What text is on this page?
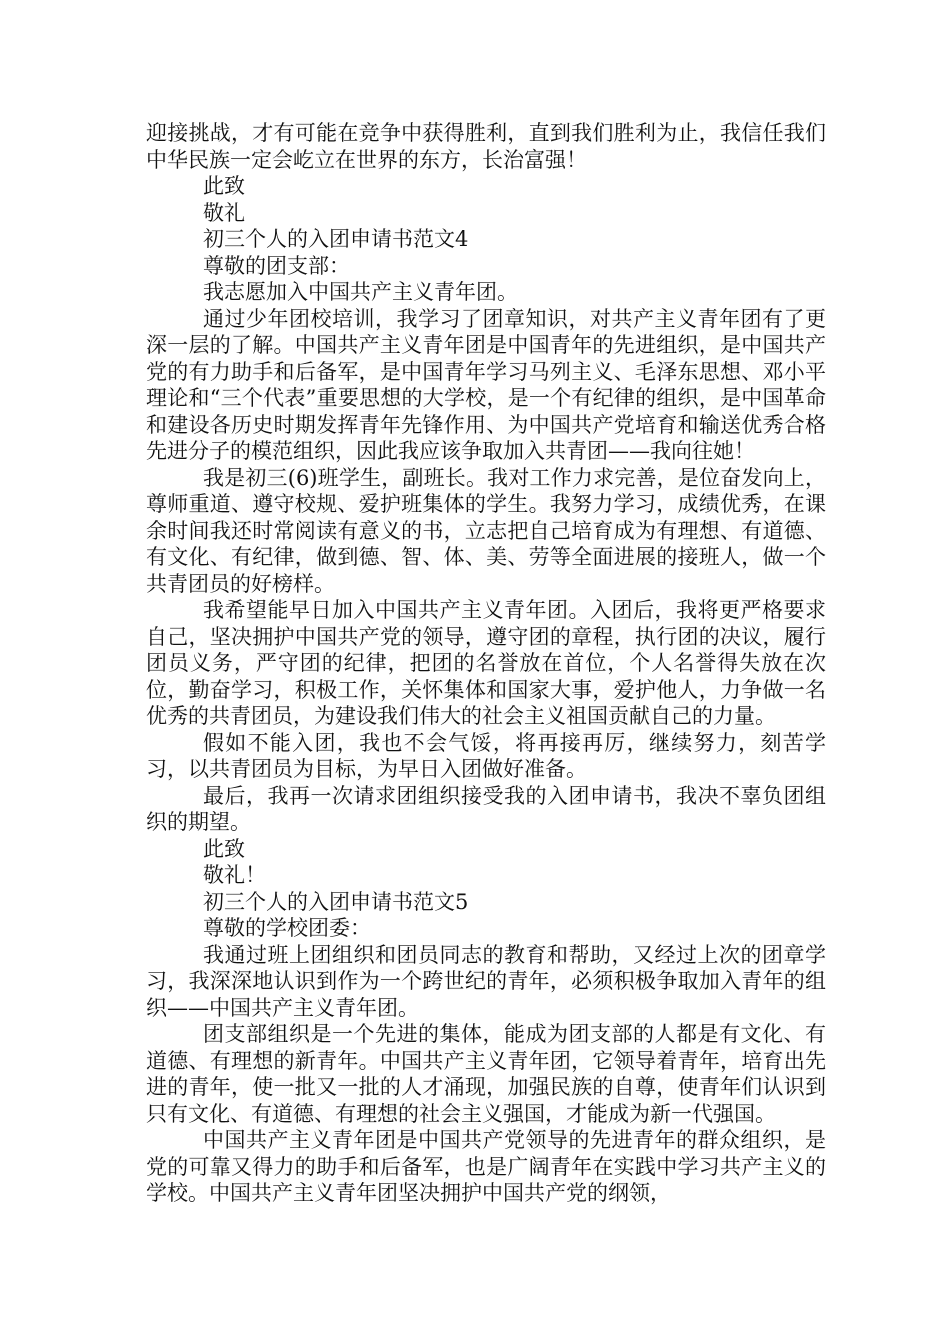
迎接挑战，才有可能在竞争中获得胜利，直到我们胜利为止，我信任我们中华民族一定会屹立在世界的东方，长治富强！

此致

敬礼

初三个人的入团申请书范文4

尊敬的团支部：

我志愿加入中国共产主义青年团。

通过少年团校培训，我学习了团章知识，对共产主义青年团有了更深一层的了解。中国共产主义青年团是中国青年的先进组织，是中国共产党的有力助手和后备军，是中国青年学习马列主义、毛泽东思想、邓小平理论和“三个代表”重要思想的大学校，是一个有纪律的组织，是中国革命和建设各历史时期发挥青年先锋作用、为中国共产党培育和输送优秀合格先进分子的模范组织，因此我应该争取加入共青团——我向往她！

我是初三(6)班学生，副班长。我对工作力求完善，是位奋发向上，尊师重道、遵守校规、爱护班集体的学生。我努力学习，成绩优秀，在课余时间我还时常阅读有意义的书，立志把自己培育成为有理想、有道德、有文化、有纪律，做到德、智、体、美、劳等全面进展的接班人，做一个共青团员的好榜样。

我希望能早日加入中国共产主义青年团。入团后，我将更严格要求自己，坚决拥护中国共产党的领导，遵守团的章程，执行团的决议，履行团员义务，严守团的纪律，把团的名誉放在首位，个人名誉得失放在次位，勤奋学习，积极工作，关怀集体和国家大事，爱护他人，力争做一名优秀的共青团员，为建设我们伟大的社会主义祖国贡献自己的力量。

假如不能入团，我也不会气馁，将再接再厉，继续努力，刻苦学习，以共青团员为目标，为早日入团做好准备。

最后，我再一次请求团组织接受我的入团申请书，我决不辜负团组织的期望。

此致

敬礼！

初三个人的入团申请书范文5

尊敬的学校团委：

我通过班上团组织和团员同志的教育和帮助，又经过上次的团章学习，我深深地认识到作为一个跨世纪的青年，必须积极争取加入青年的组织——中国共产主义青年团。

团支部组织是一个先进的集体，能成为团支部的人都是有文化、有道德、有理想的新青年。中国共产主义青年团，它领导着青年，培育出先进的青年，使一批又一批的人才涌现，加强民族的自尊，使青年们认识到只有文化、有道德、有理想的社会主义强国，才能成为新一代强国。

中国共产主义青年团是中国共产党领导的先进青年的群众组织，是党的可靠又得力的助手和后备军，也是广阔青年在实践中学习共产主义的学校。中国共产主义青年团坚决拥护中国共产党的纲领，
